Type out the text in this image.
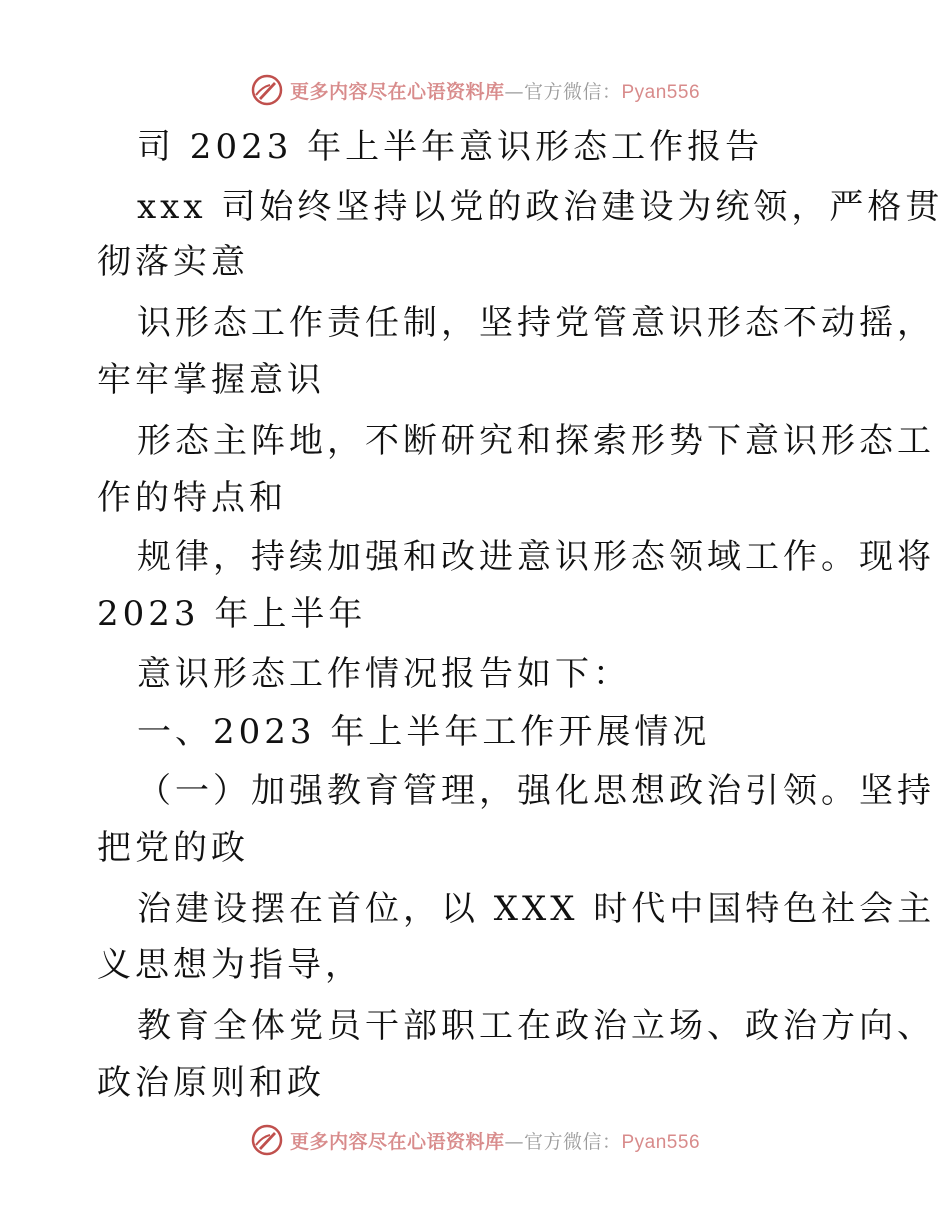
更多内容尽在心语资料库—官方微信：Pyan556
司 2023 年上半年意识形态工作报告
xxx 司始终坚持以党的政治建设为统领，严格贯
彻落实意
识形态工作责任制，坚持党管意识形态不动摇，
牢牢掌握意识
形态主阵地，不断研究和探索形势下意识形态工
作的特点和
规律，持续加强和改进意识形态领域工作。现将
2023 年上半年
意识形态工作情况报告如下：
一、2023 年上半年工作开展情况
（一）加强教育管理，强化思想政治引领。坚持
把党的政
治建设摆在首位，以 XXX 时代中国特色社会主
义思想为指导，
教育全体党员干部职工在政治立场、政治方向、
政治原则和政
更多内容尽在心语资料库—官方微信：Pyan556
